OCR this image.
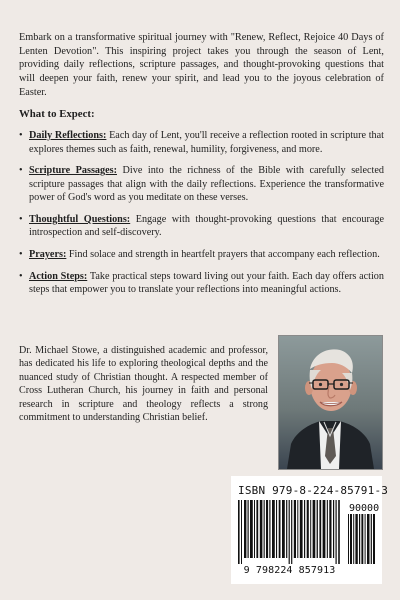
Embark on a transformative spiritual journey with "Renew, Reflect, Rejoice 40 Days of Lenten Devotion". This inspiring project takes you through the season of Lent, providing daily reflections, scripture passages, and thought-provoking questions that will deepen your faith, renew your spirit, and lead you to the joyous celebration of Easter.
What to Expect:
• Daily Reflections: Each day of Lent, you'll receive a reflection rooted in scripture that explores themes such as faith, renewal, humility, forgiveness, and more.
• Scripture Passages: Dive into the richness of the Bible with carefully selected scripture passages that align with the daily reflections. Experience the transformative power of God's word as you meditate on these verses.
• Thoughtful Questions: Engage with thought-provoking questions that encourage introspection and self-discovery.
• Prayers: Find solace and strength in heartfelt prayers that accompany each reflection.
• Action Steps: Take practical steps toward living out your faith. Each day offers action steps that empower you to translate your reflections into meaningful actions.
Dr. Michael Stowe, a distinguished academic and professor, has dedicated his life to exploring theological depths and the nuanced study of Christian thought. A respected member of Cross Lutheran Church, his journey in faith and personal research in scripture and theology reflects a strong commitment to understanding Christian belief.
ISBN 979-8-224-85791-3
90000
9 798224 857913
